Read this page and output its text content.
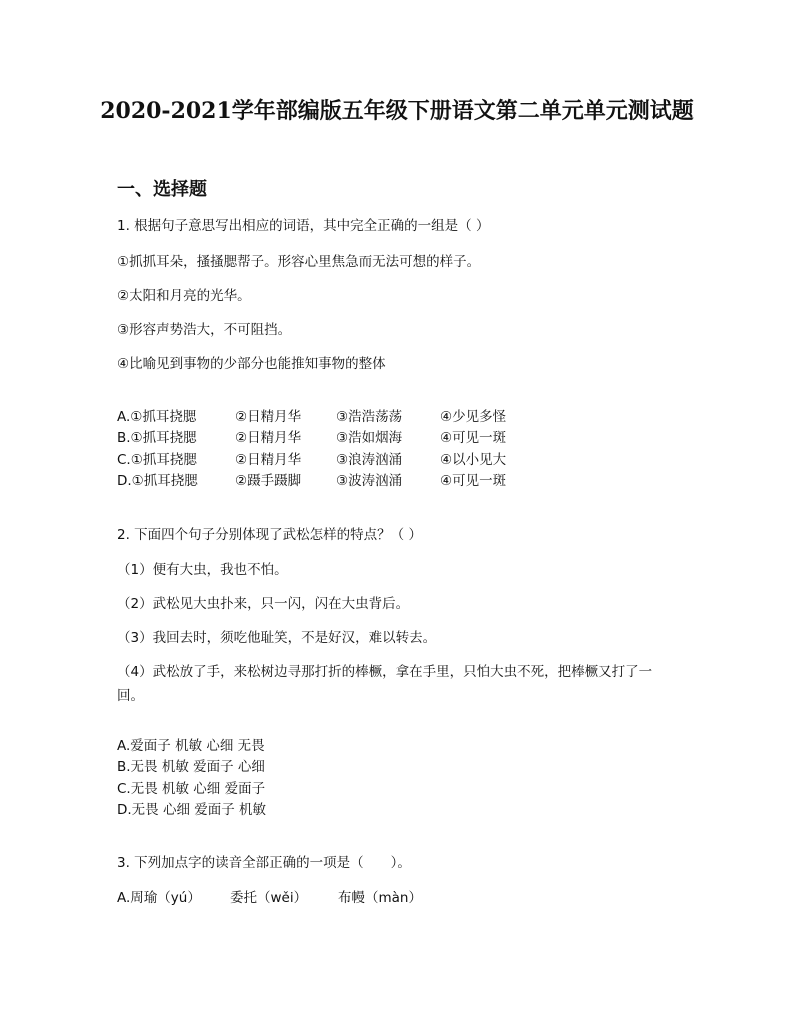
2020-2021学年部编版五年级下册语文第二单元单元测试题
一、选择题
1. 根据句子意思写出相应的词语，其中完全正确的一组是（ ）
①抓抓耳朵，搔搔腮帮子。形容心里焦急而无法可想的样子。
②太阳和月亮的光华。
③形容声势浩大，不可阻挡。
④比喻见到事物的少部分也能推知事物的整体
A.①抓耳挠腮	②日精月华	③浩浩荡荡	④少见多怪
B.①抓耳挠腮	②日精月华	③浩如烟海	④可见一斑
C.①抓耳挠腮	②日精月华	③浪涛汹涌	④以小见大
D.①抓耳挠腮	②蹑手蹑脚	③波涛汹涌	④可见一斑
2. 下面四个句子分别体现了武松怎样的特点？（ ）
（1）便有大虫，我也不怕。
（2）武松见大虫扑来，只一闪，闪在大虫背后。
（3）我回去时，须吃他耻笑，不是好汉，难以转去。
（4）武松放了手，来松树边寻那打折的棒橛，拿在手里，只怕大虫不死，把棒橛又打了一回。
A.爱面子 机敏 心细 无畏
B.无畏 机敏 爱面子 心细
C.无畏 机敏 心细 爱面子
D.无畏 心细 爱面子 机敏
3. 下列加点字的读音全部正确的一项是（　　）。
A.周瑜（yú） 委托（wěi） 布幔（màn）
